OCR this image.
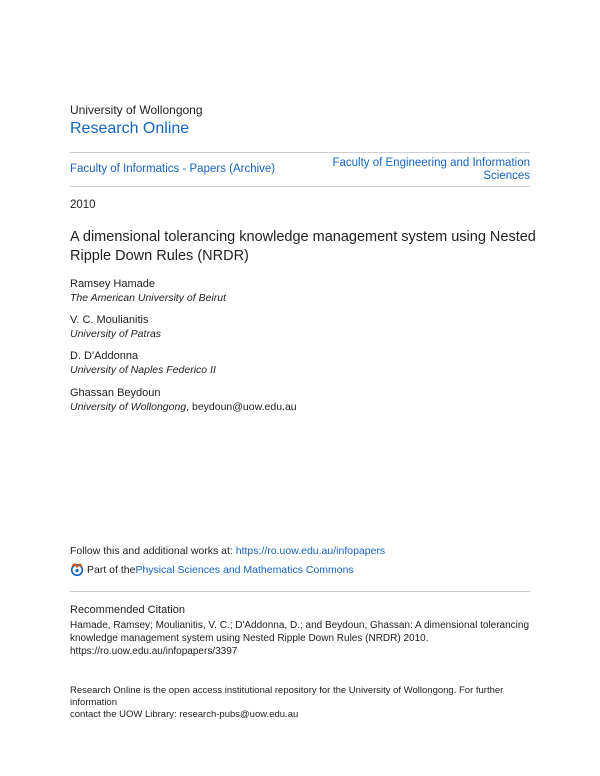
University of Wollongong
Research Online
Faculty of Informatics - Papers (Archive)	Faculty of Engineering and Information
Sciences
2010
A dimensional tolerancing knowledge management system using Nested
Ripple Down Rules (NRDR)
Ramsey Hamade
The American University of Beirut
V. C. Moulianitis
University of Patras
D. D'Addonna
University of Naples Federico II
Ghassan Beydoun
University of Wollongong, beydoun@uow.edu.au
Follow this and additional works at: https://ro.uow.edu.au/infopapers
Part of the Physical Sciences and Mathematics Commons
Recommended Citation
Hamade, Ramsey; Moulianitis, V. C.; D'Addonna, D.; and Beydoun, Ghassan: A dimensional tolerancing
knowledge management system using Nested Ripple Down Rules (NRDR) 2010.
https://ro.uow.edu.au/infopapers/3397
Research Online is the open access institutional repository for the University of Wollongong. For further information
contact the UOW Library: research-pubs@uow.edu.au
